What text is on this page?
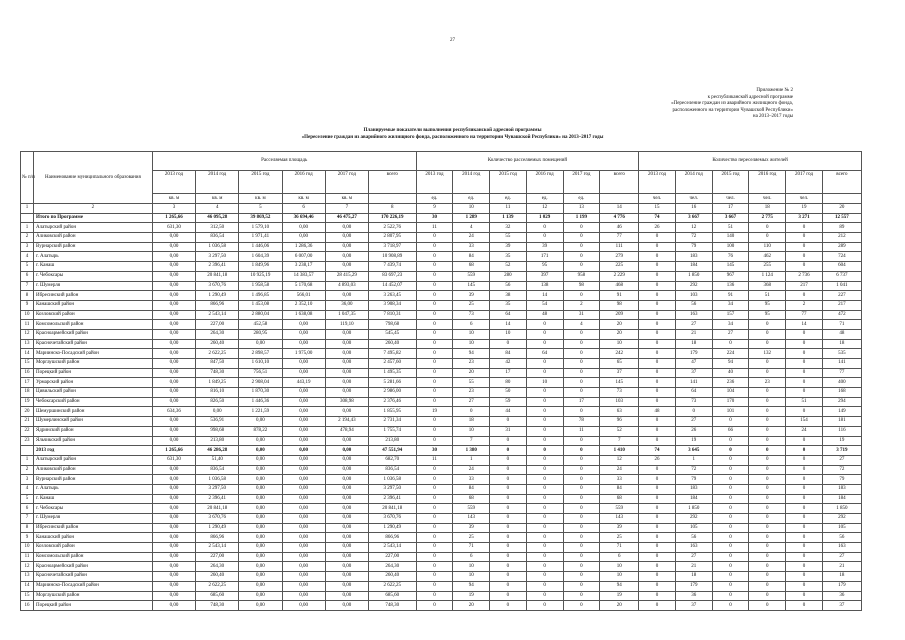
27
Приложение № 2
к республиканской адресной программе
«Переселение граждан из аварийного жилищного фонда,
расположенного на территории Чувашской Республики»
на 2013–2017 годы
Планируемые показатели выполнения республиканской адресной программы
«Переселение граждан из аварийного жилищного фонда, расположенного на территории Чувашской Республики» на 2013–2017 годы
№ п/п	Наименование муниципального образования	Расселяемая площадь						Количество расселяемых помещений						Количество переселяемых жителей					
		2013 год	2014 год	2015 год	2016 год	2017 год	всего	2013 год	2014 год	2015 год	2016 год	2017 год	всего	2013 год	2014 год	2015 год	2016 год	2017 год	всего
		кв. м	кв. м	кв. м	кв. м	кв. м		ед.	ед.	ед.	ед.	ед.		чел.	чел.	чел.	чел.	чел.	
1	2	3	4	5	6	7	8	9	10	11	12	13	14	15	16	17	18	19	20
	Итого по Программе	1 265,66	46 095,28	39 869,52	36 694,46	46 475,27	170 226,19	30	1 289	1 139	1 029	1 199	4 776	74	3 667	3 667	2 775	3 271	12 557
1	Алатырский район	631,30	312,50	1 579,10	0,00	0,00	2 522,76	11	4	32	0	0	46	26	12	51	0	0	89
2	Аликовский район	0,00	836,54	1 971,41	0,00	0,00	2 807,95	0	24	55	0	0	77	0	72	140	0	0	212
3	Вурнарский район	0,00	1 036,58	1 446,06	1 286,36	0,00	3 718,97	0	33	39	39	0	111	0	79	100	110	0	289
4	г. Алатырь	0,00	3 297,50	1 604,39	6 007,00	0,00	10 908,89	0	84	35	171	0	279	0	183	76	462	0	724
5	г. Канаш	0,00	2 396,41	1 849,96	3 238,17	0,00	7 439,74	0	68	52	95	0	225	0	184	145	255	0	604
6	г. Чебоксары	0,00	20 841,18	10 925,19	14 383,57	28 415,29	83 697,23	0	559	280	397	958	2 229	0	1 850	967	1 124	2 736	6 737
7	г. Шумерля	0,00	3 670,76	1 958,58	5 170,68	4 893,03	14 452,07	0	145	56	138	98	468	0	292	136	368	217	1 041
8	Ибресинский район	0,00	1 290,49	1 496,85	566,01	0,00	3 263,45	0	39	38	14	0	91	0	103	91	51	0	227
9	Канашский район	0,00	866,96	1 453,08	2 352,10	36,00	3 908,34	0	25	35	54	2	98	0	56	34	95	2	217
10	Козловский район	0,00	2 543,14	2 880,04	1 638,08	1 047,35	7 810,31	0	73	64	48	31	209	0	163	157	95	77	472
11	Комсомольский район	0,00	227,00	452,58	0,00	119,10	798,68	0	6	14	0	4	20	0	27	34	0	14	71
12	Красноармейский район	0,00	264,30	280,95	0,00	0,00	545,45	0	10	10	0	0	20	0	21	27	0	0	48
13	Красночетайский район	0,00	260,40	0,00	0,00	0,00	260,40	0	10	0	0	0	10	0	18	0	0	0	18
14	Мариинско-Посадский район	0,00	2 622,25	2 898,57	1 975,00	0,00	7 495,82	0	94	84	64	0	242	0	179	224	132	0	535
15	Моргаушский район	0,00	847,50	1 610,10	0,00	0,00	2 457,60	0	23	42	0	0	65	0	47	94	0	0	141
16	Порецкий район	0,00	748,30	756,51	0,00	0,00	1 495,35	0	20	17	0	0	37	0	37	40	0	0	77
17	Урмарский район	0,00	1 849,25	2 908,04	443,19	0,00	5 281,66	0	55	80	10	0	145	0	141	236	23	0	400
18	Цивильский район	0,00	816,10	1 870,30	0,00	0,00	2 986,00	0	23	50	0	0	73	0	64	104	0	0	168
19	Чебоксарский район	0,00	826,50	1 446,36	0,00	308,98	2 376,46	0	27	59	0	17	103	0	73	170	0	51	294
20	Шемуршинский район	634,36	0,00	1 221,59	0,00	0,00	1 855,95	19	0	44	0	0	63	48	0	101	0	0	149
21	Шумерлинский район	0,00	536,91	0,00	0,00	2 194,43	2 731,34	0	18	0	0	78	96	0	27	0	0	154	181
22	Ядринский район	0,00	998,68	878,22	0,00	478,94	1 755,74	0	10	31	0	11	52	0	26	66	0	24	116
23	Яльчикский район	0,00	213,80	0,00	0,00	0,00	213,80	0	7	0	0	0	7	0	19	0	0	0	19
	2013 год	1 265,66	46 286,28	0,00	0,00	0,00	47 551,94	30	1 380	0	0	0	1 410	74	3 645	0	0	0	3 719
1	Алатырский район	631,30	51,40	0,00	0,00	0,00	682,70	11	1	0	0	0	12	26	1	0	0	0	27
2	Аликовский район	0,00	836,54	0,00	0,00	0,00	836,54	0	24	0	0	0	24	0	72	0	0	0	72
3	Вурнарский район	0,00	1 036,58	0,00	0,00	0,00	1 036,58	0	33	0	0	0	33	0	79	0	0	0	79
4	г. Алатырь	0,00	3 297,50	0,00	0,00	0,00	3 297,50	0	84	0	0	0	84	0	183	0	0	0	183
5	г. Канаш	0,00	2 396,41	0,00	0,00	0,00	2 396,41	0	68	0	0	0	68	0	184	0	0	0	184
6	г. Чебоксары	0,00	20 841,18	0,00	0,00	0,00	20 841,18	0	559	0	0	0	559	0	1 850	0	0	0	1 850
7	г. Шумерля	0,00	3 670,76	0,00	0,00	0,00	3 670,76	0	143	0	0	0	143	0	292	0	0	0	292
8	Ибресинский район	0,00	1 290,49	0,00	0,00	0,00	1 290,49	0	39	0	0	0	39	0	105	0	0	0	105
9	Канашский район	0,00	866,96	0,00	0,00	0,00	866,96	0	25	0	0	0	25	0	56	0	0	0	56
10	Козловский район	0,00	2 543,14	0,00	0,00	0,00	2 543,14	0	71	0	0	0	71	0	163	0	0	0	163
11	Комсомольский район	0,00	227,00	0,00	0,00	0,00	227,00	0	6	0	0	0	6	0	27	0	0	0	27
12	Красноармейский район	0,00	264,30	0,00	0,00	0,00	264,30	0	10	0	0	0	10	0	21	0	0	0	21
13	Красночетайский район	0,00	260,40	0,00	0,00	0,00	260,40	0	10	0	0	0	10	0	18	0	0	0	18
14	Мариинско-Посадский район	0,00	2 622,25	0,00	0,00	0,00	2 622,25	0	94	0	0	0	94	0	179	0	0	0	179
15	Моргаушский район	0,00	685,60	0,00	0,00	0,00	685,60	0	19	0	0	0	19	0	36	0	0	0	36
16	Порецкий район	0,00	748,30	0,00	0,00	0,00	748,30	0	20	0	0	0	20	0	37	0	0	0	37
